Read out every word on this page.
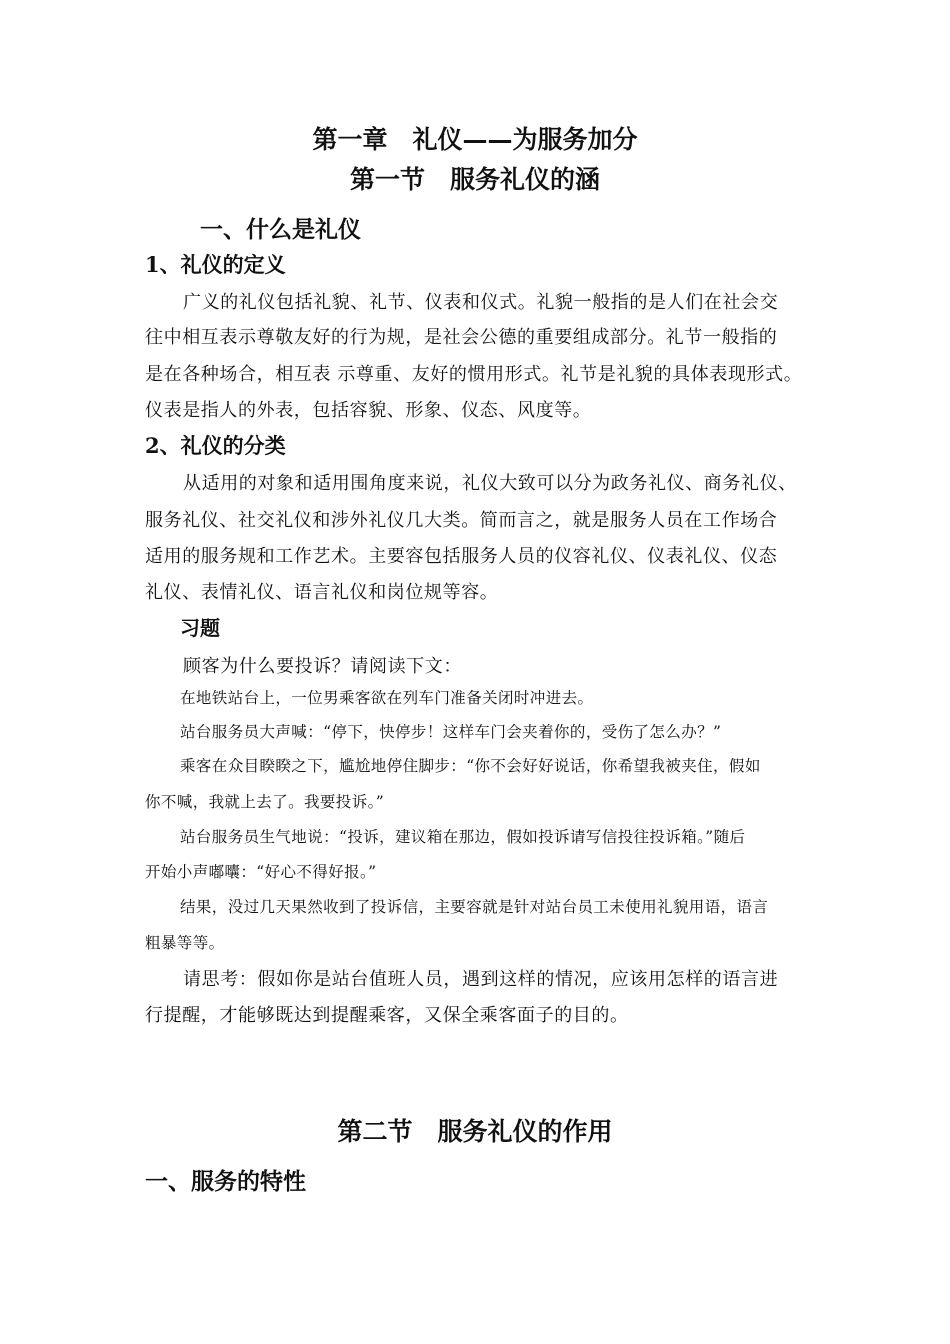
第一章　礼仪——为服务加分

第一节　服务礼仪的涵

一、什么是礼仪

1、礼仪的定义

广义的礼仪包括礼貌、礼节、仪表和仪式。礼貌一般指的是人们在社会交

往中相互表示尊敬友好的行为规，是社会公德的重要组成部分。礼节一般指的

是在各种场合，相互表 示尊重、友好的惯用形式。礼节是礼貌的具体表现形式。

仪表是指人的外表，包括容貌、形象、仪态、风度等。

2、礼仪的分类

从适用的对象和适用围角度来说，礼仪大致可以分为政务礼仪、商务礼仪、

服务礼仪、社交礼仪和涉外礼仪几大类。简而言之，就是服务人员在工作场合

适用的服务规和工作艺术。主要容包括服务人员的仪容礼仪、仪表礼仪、仪态

礼仪、表情礼仪、语言礼仪和岗位规等容。

习题

顾客为什么要投诉？请阅读下文：

在地铁站台上，一位男乘客欲在列车门准备关闭时冲进去。

站台服务员大声喊：“停下，快停步！这样车门会夹着你的，受伤了怎么办？”

乘客在众目睽睽之下，尴尬地停住脚步：“你不会好好说话，你希望我被夹住，假如

你不喊，我就上去了。我要投诉。”

站台服务员生气地说：“投诉，建议箱在那边，假如投诉请写信投往投诉箱。”随后

开始小声嘟囔：“好心不得好报。”

结果，没过几天果然收到了投诉信，主要容就是针对站台员工未使用礼貌用语，语言

粗暴等等。

请思考：假如你是站台值班人员，遇到这样的情况，应该用怎样的语言进

行提醒，才能够既达到提醒乘客，又保全乘客面子的目的。

第二节　服务礼仪的作用

一、服务的特性
